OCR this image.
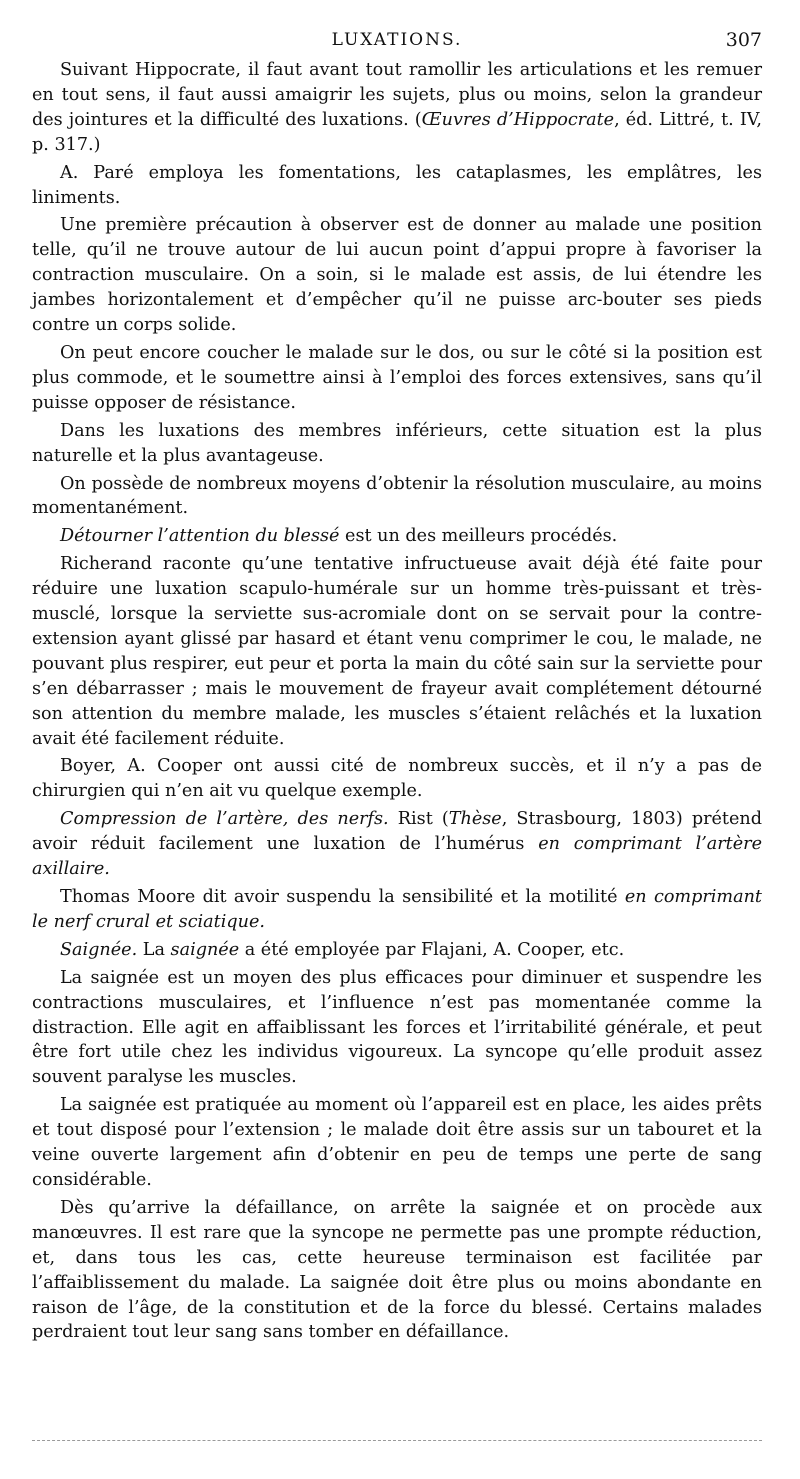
LUXATIONS.	307

Suivant Hippocrate, il faut avant tout ramollir les articulations et les remuer en tout sens, il faut aussi amaigrir les sujets, plus ou moins, selon la grandeur des jointures et la difficulté des luxations. (Œuvres d’Hippocrate, éd. Littré, t. IV, p. 317.)

A. Paré employa les fomentations, les cataplasmes, les emplâtres, les liniments.

Une première précaution à observer est de donner au malade une position telle, qu’il ne trouve autour de lui aucun point d’appui propre à favoriser la contraction musculaire. On a soin, si le malade est assis, de lui étendre les jambes horizontalement et d’empêcher qu’il ne puisse arc-bouter ses pieds contre un corps solide.

On peut encore coucher le malade sur le dos, ou sur le côté si la position est plus commode, et le soumettre ainsi à l’emploi des forces extensives, sans qu’il puisse opposer de résistance.

Dans les luxations des membres inférieurs, cette situation est la plus naturelle et la plus avantageuse.

On possède de nombreux moyens d’obtenir la résolution musculaire, au moins momentanément.

Détourner l’attention du blessé est un des meilleurs procédés.

Richerand raconte qu’une tentative infructueuse avait déjà été faite pour réduire une luxation scapulo-humérale sur un homme très-puissant et très-musclé, lorsque la serviette sus-acromiale dont on se servait pour la contre-extension ayant glissé par hasard et étant venu comprimer le cou, le malade, ne pouvant plus respirer, eut peur et porta la main du côté sain sur la serviette pour s’en débarrasser ; mais le mouvement de frayeur avait complétement détourné son attention du membre malade, les muscles s’étaient relâchés et la luxation avait été facilement réduite.

Boyer, A. Cooper ont aussi cité de nombreux succès, et il n’y a pas de chirurgien qui n’en ait vu quelque exemple.

Compression de l’artère, des nerfs. Rist (Thèse, Strasbourg, 1803) prétend avoir réduit facilement une luxation de l’humérus en comprimant l’artère axillaire.

Thomas Moore dit avoir suspendu la sensibilité et la motilité en comprimant le nerf crural et sciatique.

Saignée. La saignée a été employée par Flajani, A. Cooper, etc.

La saignée est un moyen des plus efficaces pour diminuer et suspendre les contractions musculaires, et l’influence n’est pas momentanée comme la distraction. Elle agit en affaiblissant les forces et l’irritabilité générale, et peut être fort utile chez les individus vigoureux. La syncope qu’elle produit assez souvent paralyse les muscles.

La saignée est pratiquée au moment où l’appareil est en place, les aides prêts et tout disposé pour l’extension ; le malade doit être assis sur un tabouret et la veine ouverte largement afin d’obtenir en peu de temps une perte de sang considérable.

Dès qu’arrive la défaillance, on arrête la saignée et on procède aux manœuvres. Il est rare que la syncope ne permette pas une prompte réduction, et, dans tous les cas, cette heureuse terminaison est facilitée par l’affaiblissement du malade. La saignée doit être plus ou moins abondante en raison de l’âge, de la constitution et de la force du blessé. Certains malades perdraient tout leur sang sans tomber en défaillance.
